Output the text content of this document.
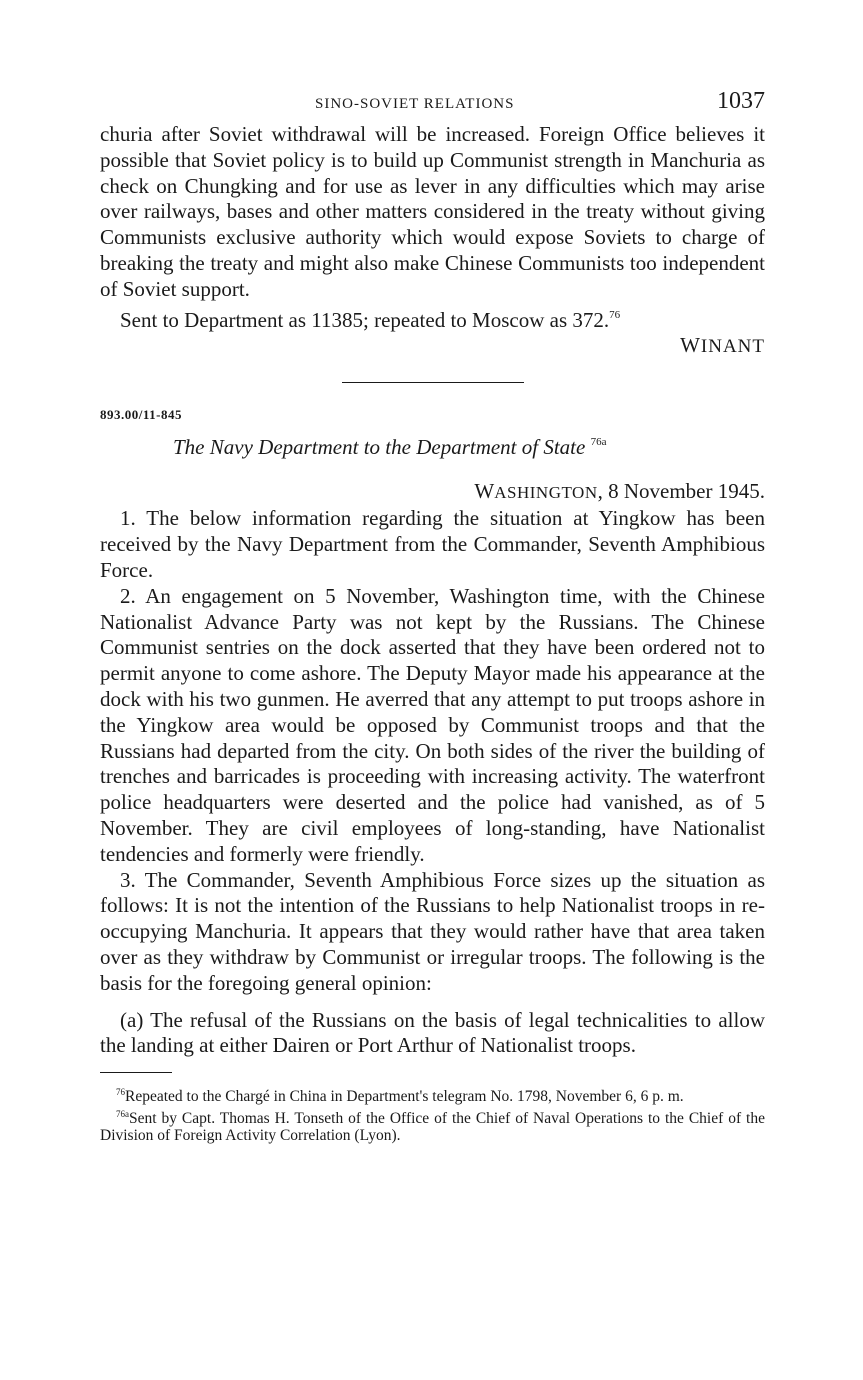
SINO-SOVIET RELATIONS	1037

churia after Soviet withdrawal will be increased. Foreign Office believes it possible that Soviet policy is to build up Communist strength in Manchuria as check on Chungking and for use as lever in any difficulties which may arise over railways, bases and other matters considered in the treaty without giving Communists exclusive authority which would expose Soviets to charge of breaking the treaty and might also make Chinese Communists too independent of Soviet support.

Sent to Department as 11385; repeated to Moscow as 372.76

WINANT
893.00/11-845
The Navy Department to the Department of State $^{76a}$
WASHINGTON, 8 November 1945.

1. The below information regarding the situation at Yingkow has been received by the Navy Department from the Commander, Seventh Amphibious Force.

2. An engagement on 5 November, Washington time, with the Chinese Nationalist Advance Party was not kept by the Russians. The Chinese Communist sentries on the dock asserted that they have been ordered not to permit anyone to come ashore. The Deputy Mayor made his appearance at the dock with his two gunmen. He averred that any attempt to put troops ashore in the Yingkow area would be opposed by Communist troops and that the Russians had departed from the city. On both sides of the river the building of trenches and barricades is proceeding with increasing activity. The waterfront police headquarters were deserted and the police had vanished, as of 5 November. They are civil employees of long-standing, have Nationalist tendencies and formerly were friendly.

3. The Commander, Seventh Amphibious Force sizes up the situation as follows: It is not the intention of the Russians to help Nationalist troops in re-occupying Manchuria. It appears that they would rather have that area taken over as they withdraw by Communist or irregular troops. The following is the basis for the foregoing general opinion:

(a) The refusal of the Russians on the basis of legal technicalities to allow the landing at either Dairen or Port Arthur of Nationalist troops.

$^{76}$Repeated to the Chargé in China in Department's telegram No. 1798, November 6, 6 p. m.
$^{76a}$Sent by Capt. Thomas H. Tonseth of the Office of the Chief of Naval Operations to the Chief of the Division of Foreign Activity Correlation (Lyon).
